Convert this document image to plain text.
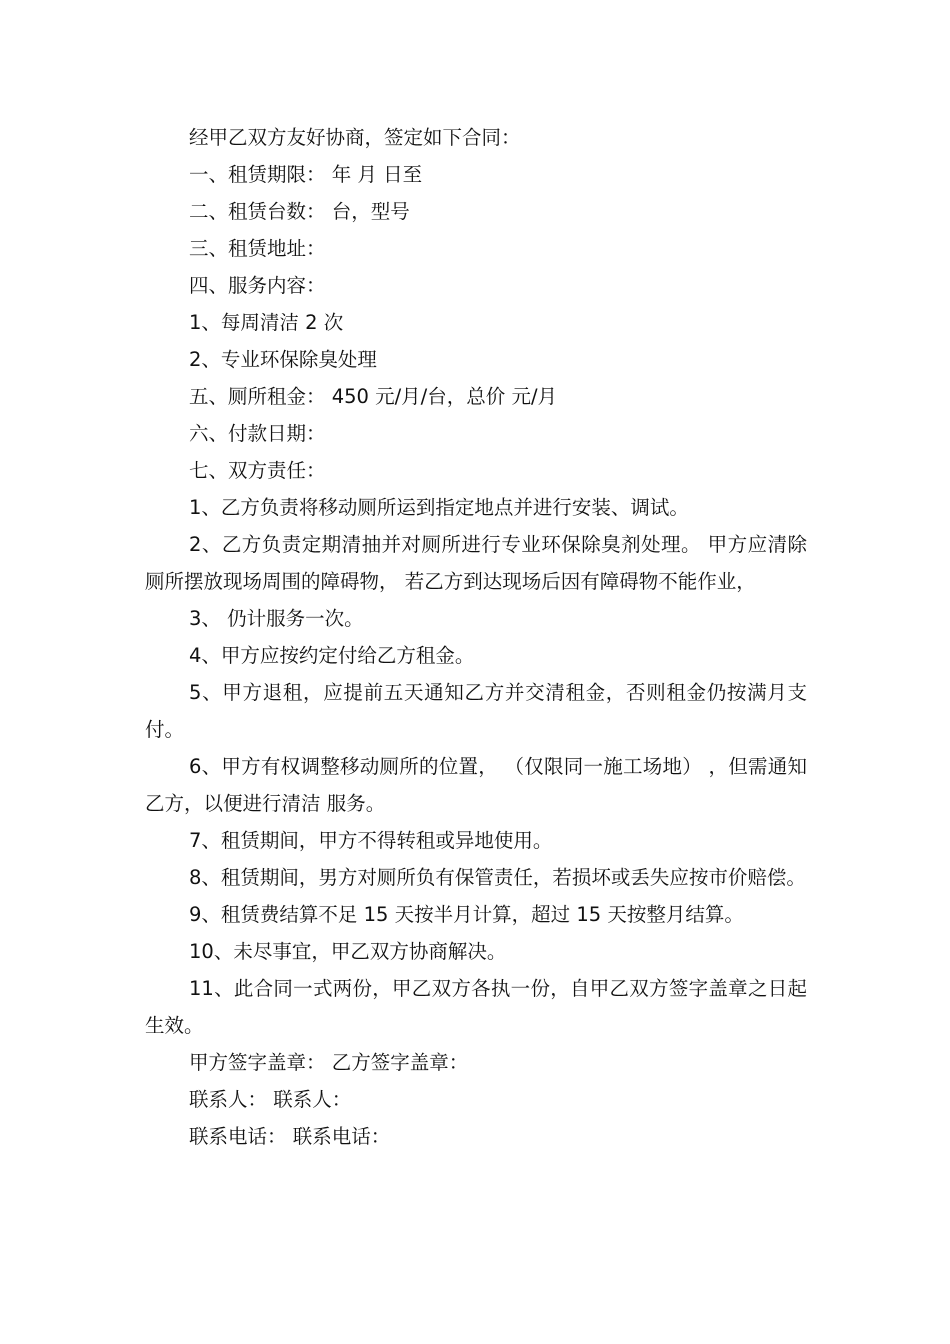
经甲乙双方友好协商，签定如下合同：

一、租赁期限： 年 月 日至

二、租赁台数： 台，型号

三、租赁地址：

四、服务内容：

1、每周清洁 2 次

2、专业环保除臭处理

五、厕所租金： 450 元/月/台，总价 元/月

六、付款日期：

七、双方责任：

1、乙方负责将移动厕所运到指定地点并进行安装、调试。

2、乙方负责定期清抽并对厕所进行专业环保除臭剂处理。 甲方应清除厕所摆放现场周围的障碍物， 若乙方到达现场后因有障碍物不能作业，

3、 仍计服务一次。

4、甲方应按约定付给乙方租金。

5、甲方退租，应提前五天通知乙方并交清租金，否则租金仍按满月支付。

6、甲方有权调整移动厕所的位置， （仅限同一施工场地） ，但需通知乙方，以便进行清洁 服务。

7、租赁期间，甲方不得转租或异地使用。

8、租赁期间，男方对厕所负有保管责任，若损坏或丢失应按市价赔偿。

9、租赁费结算不足 15 天按半月计算，超过 15 天按整月结算。

10、未尽事宜，甲乙双方协商解决。

11、此合同一式两份，甲乙双方各执一份，自甲乙双方签字盖章之日起生效。

甲方签字盖章： 乙方签字盖章：

联系人： 联系人：

联系电话： 联系电话：
